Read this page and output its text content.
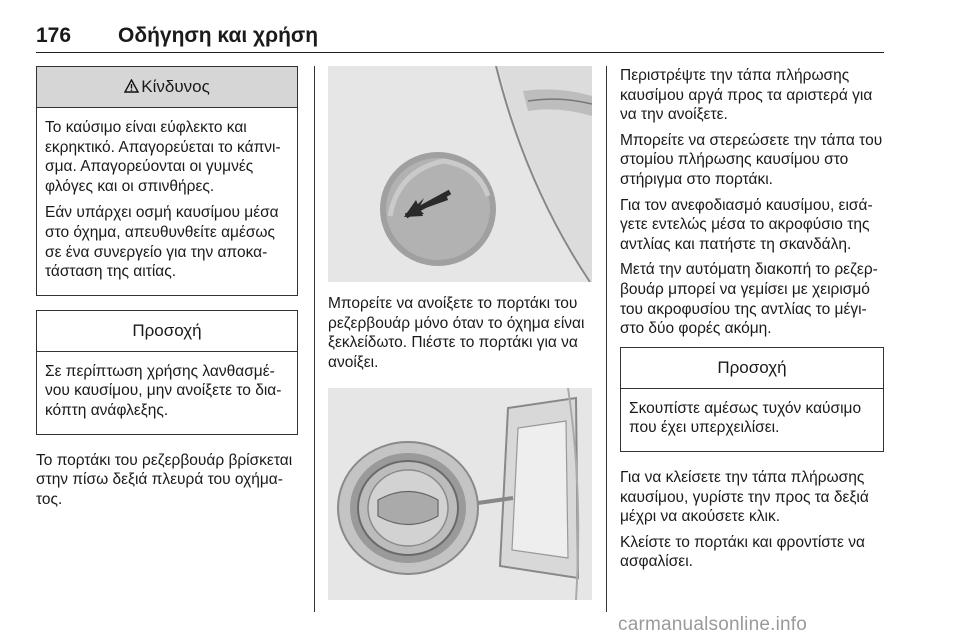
176 Οδήγηση και χρήση
Κίνδυνος

Το καύσιμο είναι εύφλεκτο και εκρηκτικό. Απαγορεύεται το κάπνισμα. Απαγορεύονται οι γυμνές φλόγες και οι σπινθήρες.

Εάν υπάρχει οσμή καυσίμου μέσα στο όχημα, απευθυνθείτε αμέσως σε ένα συνεργείο για την αποκατάσταση της αιτίας.

Προσοχή

Σε περίπτωση χρήσης λανθασμένου καυσίμου, μην ανοίξετε το διακόπτη ανάφλεξης.

Το πορτάκι του ρεζερβουάρ βρίσκεται στην πίσω δεξιά πλευρά του οχήματος.

Μπορείτε να ανοίξετε το πορτάκι του ρεζερβουάρ μόνο όταν το όχημα είναι ξεκλείδωτο. Πιέστε το πορτάκι για να ανοίξει.

Περιστρέψτε την τάπα πλήρωσης καυσίμου αργά προς τα αριστερά για να την ανοίξετε.

Μπορείτε να στερεώσετε την τάπα του στομίου πλήρωσης καυσίμου στο στήριγμα στο πορτάκι.

Για τον ανεφοδιασμό καυσίμου, εισάγετε εντελώς μέσα το ακροφύσιο της αντλίας και πατήστε τη σκανδάλη.

Μετά την αυτόματη διακοπή το ρεζερβουάρ μπορεί να γεμίσει με χειρισμό του ακροφυσίου της αντλίας το μέγιστο δύο φορές ακόμη.

Προσοχή

Σκουπίστε αμέσως τυχόν καύσιμο που έχει υπερχειλίσει.

Για να κλείσετε την τάπα πλήρωσης καυσίμου, γυρίστε την προς τα δεξιά μέχρι να ακούσετε κλικ.

Κλείστε το πορτάκι και φροντίστε να ασφαλίσει.

carmanualsonline.info
